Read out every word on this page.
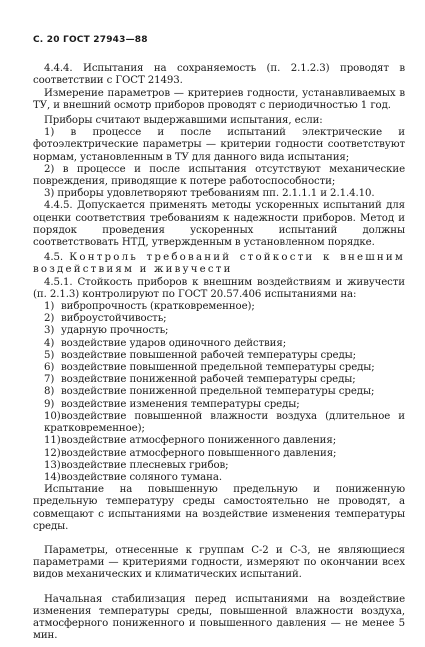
С. 20 ГОСТ 27943—88

4.4.4. Испытания на сохраняемость (п. 2.1.2.3) проводят в соответствии с ГОСТ 21493.

Измерение параметров — критериев годности, устанавливаемых в ТУ, и внешний осмотр приборов проводят с периодичностью 1 год.

Приборы считают выдержавшими испытания, если:

1) в процессе и после испытаний электрические и фотоэлектрические параметры — критерии годности соответствуют нормам, установленным в ТУ для данного вида испытания;

2) в процессе и после испытания отсутствуют механические повреждения, приводящие к потере работоспособности;

3) приборы удовлетворяют требованиям пп. 2.1.1.1 и 2.1.4.10.

4.4.5. Допускается применять методы ускоренных испытаний для оценки соответствия требованиям к надежности приборов. Метод и порядок проведения ускоренных испытаний должны соответствовать НТД, утвержденным в установленном порядке.

4.5. Контроль требований стойкости к внешним воздействиям и живучести

4.5.1. Стойкость приборов к внешним воздействиям и живучести (п. 2.1.3) контролируют по ГОСТ 20.57.406 испытаниями на:

1) вибропрочность (кратковременное);
2) виброустойчивость;
3) ударную прочность;
4) воздействие ударов одиночного действия;
5) воздействие повышенной рабочей температуры среды;
6) воздействие повышенной предельной температуры среды;
7) воздействие пониженной рабочей температуры среды;
8) воздействие пониженной предельной температуры среды;
9) воздействие изменения температуры среды;
10)воздействие повышенной влажности воздуха (длительное и кратковременное);
11)воздействие атмосферного пониженного давления;
12)воздействие атмосферного повышенного давления;
13)воздействие плесневых грибов;
14)воздействие соляного тумана.

Испытание на повышенную предельную и пониженную предельную температуру среды самостоятельно не проводят, а совмещают с испытаниями на воздействие изменения температуры среды.

Параметры, отнесенные к группам С-2 и С-3, не являющиеся параметрами — критериями годности, измеряют по окончании всех видов механических и климатических испытаний.

Начальная стабилизация перед испытаниями на воздействие изменения температуры среды, повышенной влажности воздуха, атмосферного пониженного и повышенного давления — не менее 5 мин.
